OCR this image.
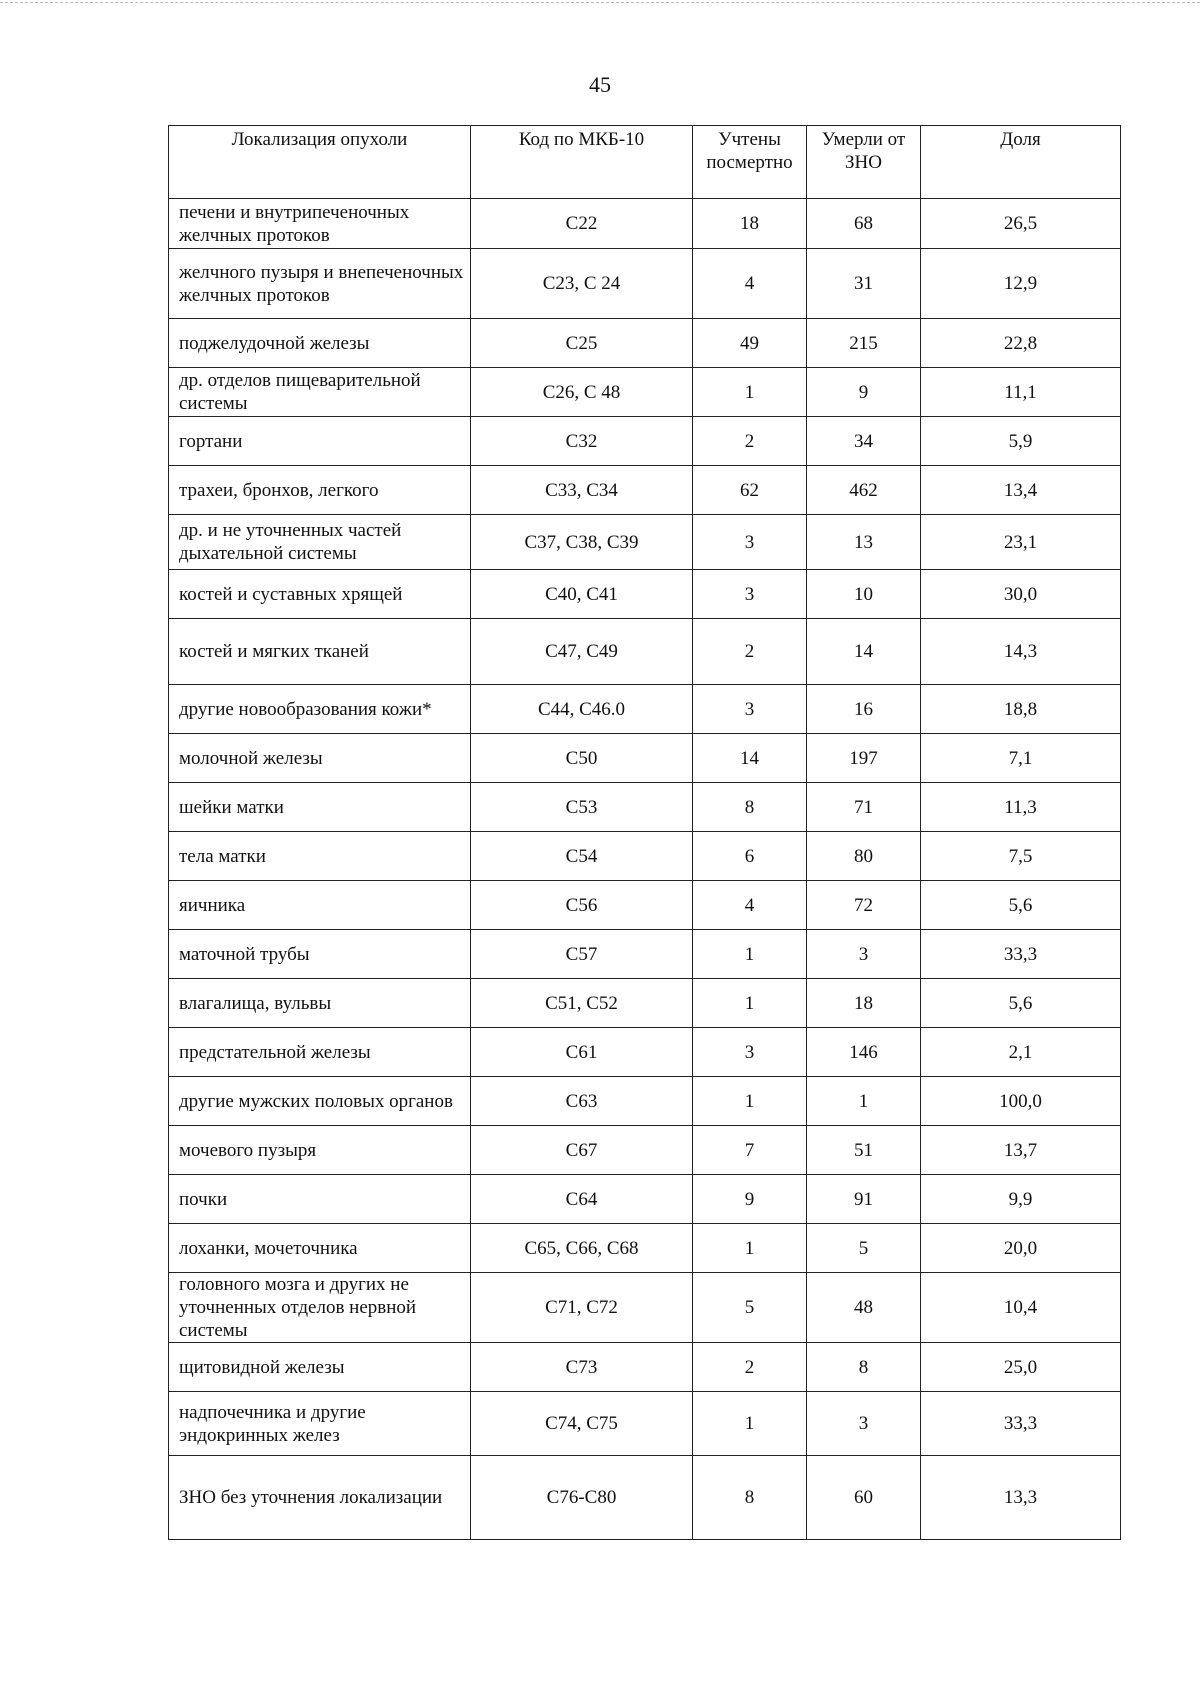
45
Локализация опухоли	Код по МКБ-10	Учтены посмертно	Умерли от ЗНО	Доля
печени и внутрипеченочных желчных протоков	С22	18	68	26,5
желчного пузыря и внепеченочных желчных протоков	С23, С 24	4	31	12,9
поджелудочной железы	С25	49	215	22,8
др. отделов пищеварительной системы	С26, С 48	1	9	11,1
гортани	С32	2	34	5,9
трахеи, бронхов, легкого	С33, С34	62	462	13,4
др. и не уточненных частей дыхательной системы	С37, С38, С39	3	13	23,1
костей и суставных хрящей	С40, С41	3	10	30,0
костей и мягких тканей	С47, С49	2	14	14,3
другие новообразования кожи*	С44, С46.0	3	16	18,8
молочной железы	С50	14	197	7,1
шейки матки	С53	8	71	11,3
тела матки	С54	6	80	7,5
яичника	С56	4	72	5,6
маточной трубы	С57	1	3	33,3
влагалища, вульвы	С51, С52	1	18	5,6
предстательной железы	С61	3	146	2,1
другие мужских половых органов	С63	1	1	100,0
мочевого пузыря	С67	7	51	13,7
почки	С64	9	91	9,9
лоханки, мочеточника	С65, С66, С68	1	5	20,0
головного мозга и других не уточненных отделов нервной системы	С71, С72	5	48	10,4
щитовидной железы	С73	2	8	25,0
надпочечника и другие эндокринных желез	С74, С75	1	3	33,3
ЗНО без уточнения локализации	С76-С80	8	60	13,3
